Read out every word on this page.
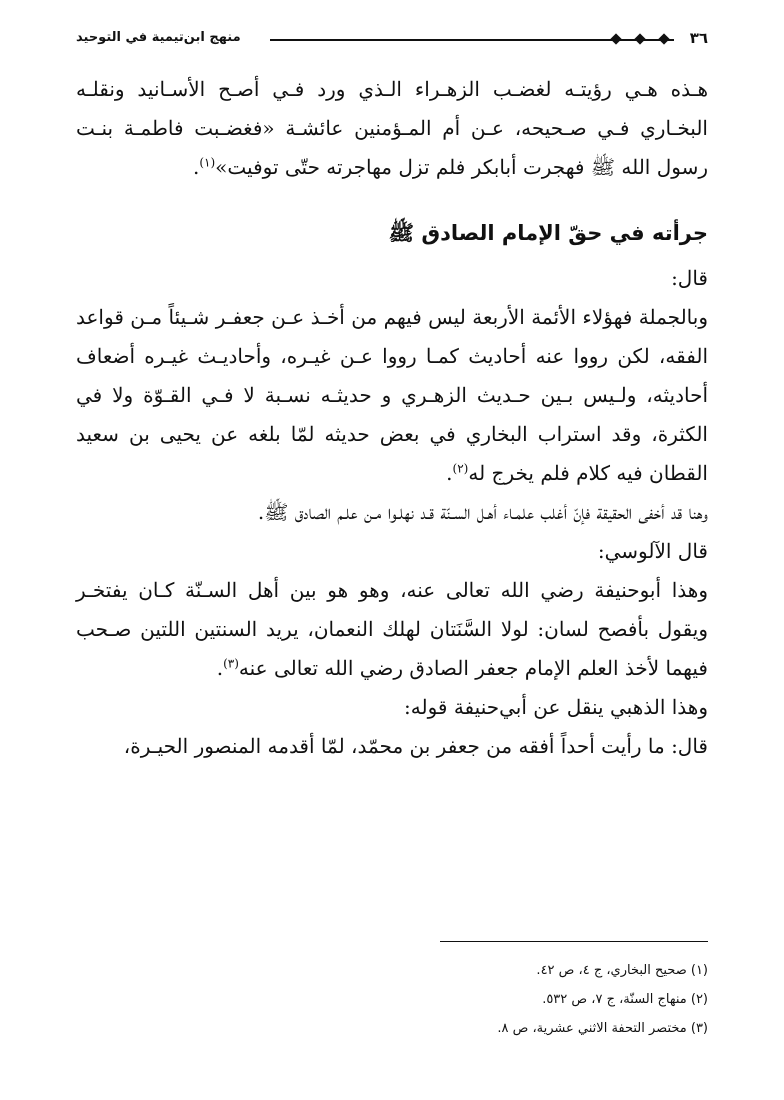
٣٦
منهج ابن‌تيمية في التوحيد

هـذه هـي رؤيتـه لغضـب الزهـراء الـذي ورد فـي أصـح الأسـانيد ونقلـه البخـاري فـي صـحيحه، عـن أم المـؤمنين عائشـة «فغضـبت فاطمـة بنـت رسول الله ﷺ فهجرت أبابكر فلم تزل مهاجرته حتّى توفيت»$^{(١)}$.

جرأته في حقّ الإمام الصادق ﷺ

قال:

وبالجملة فهؤلاء الأئمة الأربعة ليس فيهم من أخـذ عـن جعفـر شـيئاً مـن قواعد الفقه، لكن رووا عنه أحاديث كمـا رووا عـن غيـره، وأحاديـث غيـره أضعاف أحاديثه، ولـيس بـين حـديث الزهـري و حديثـه نسـبة لا فـي القـوّة ولا في الكثرة، وقد استراب البخاري في بعض حديثه لمّا بلغه عن يحيى بن سعيد القطان فيه كلام فلم يخرج له$^{(٢)}$.

وهنا قد أخفى الحقيقة فإنّ أغلب علمـاء أهـل السـنّة قـد نهلـوا مـن علـم الصادق ﷺ.

قال الآلوسي:

وهذا أبوحنيفة رضي الله تعالى عنه، وهو هو بين أهل السـنّة كـان يفتخـر ويقول بأفصح لسان: لولا السَّنَتان لهلك النعمان، يريد السنتين اللتين صـحب فيهما لأخذ العلم الإمام جعفر الصادق رضي الله تعالى عنه$^{(٣)}$.

وهذا الذهبي ينقل عن أبي‌حنيفة قوله:

قال: ما رأيت أحداً أفقه من جعفر بن محمّد، لمّا أقدمه المنصور الحيـرة،

(١) صحيح البخاري، ج ٤، ص ٤٢.

(٢) منهاج السنّة، ج ٧، ص ٥٣٢.

(٣) مختصر التحفة الاثني عشرية، ص ٨.
